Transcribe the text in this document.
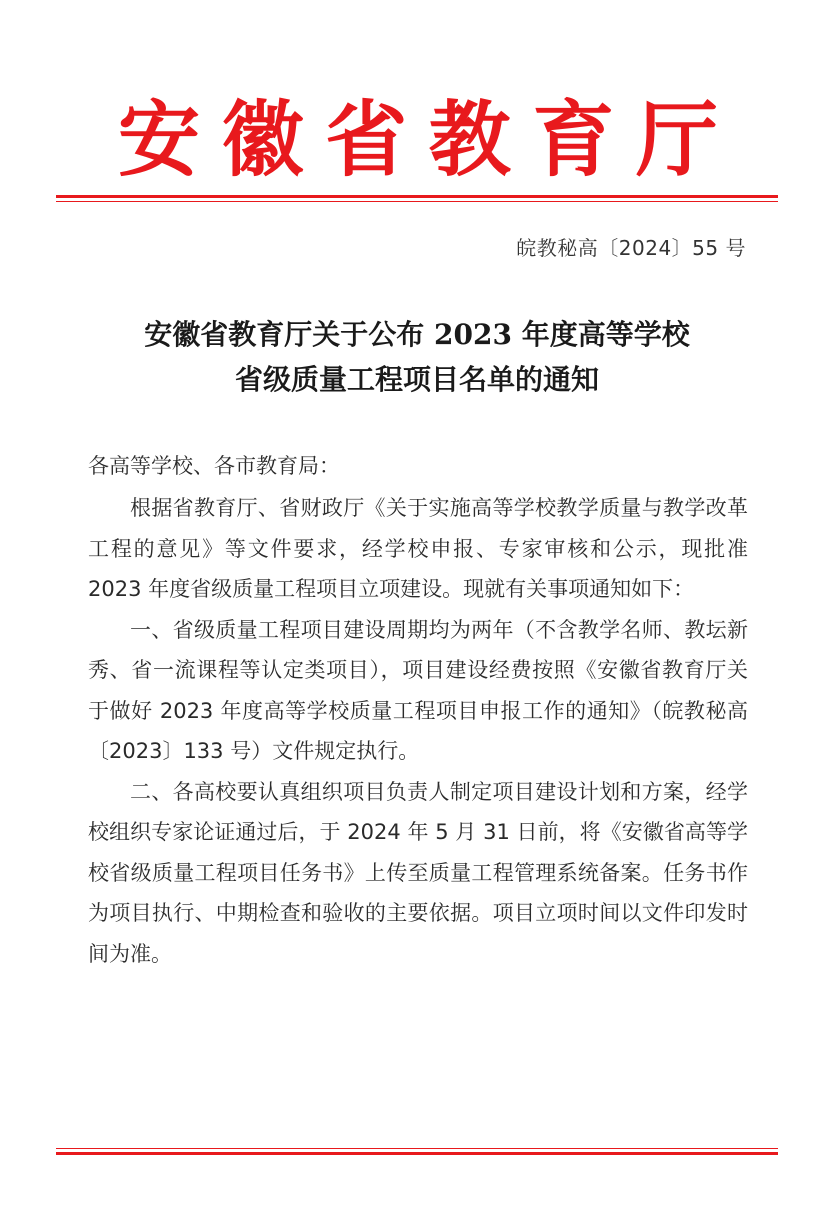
安 徽 省 教 育 厅
皖教秘高〔2024〕55 号
安徽省教育厅关于公布 2023 年度高等学校
省级质量工程项目名单的通知
各高等学校、各市教育局：

根据省教育厅、省财政厅《关于实施高等学校教学质量与教学改革工程的意见》等文件要求，经学校申报、专家审核和公示，现批准 2023 年度省级质量工程项目立项建设。现就有关事项通知如下：

一、省级质量工程项目建设周期均为两年（不含教学名师、教坛新秀、省一流课程等认定类项目），项目建设经费按照《安徽省教育厅关于做好 2023 年度高等学校质量工程项目申报工作的通知》（皖教秘高〔2023〕133 号）文件规定执行。

二、各高校要认真组织项目负责人制定项目建设计划和方案，经学校组织专家论证通过后，于 2024 年 5 月 31 日前，将《安徽省高等学校省级质量工程项目任务书》上传至质量工程管理系统备案。任务书作为项目执行、中期检查和验收的主要依据。项目立项时间以文件印发时间为准。
